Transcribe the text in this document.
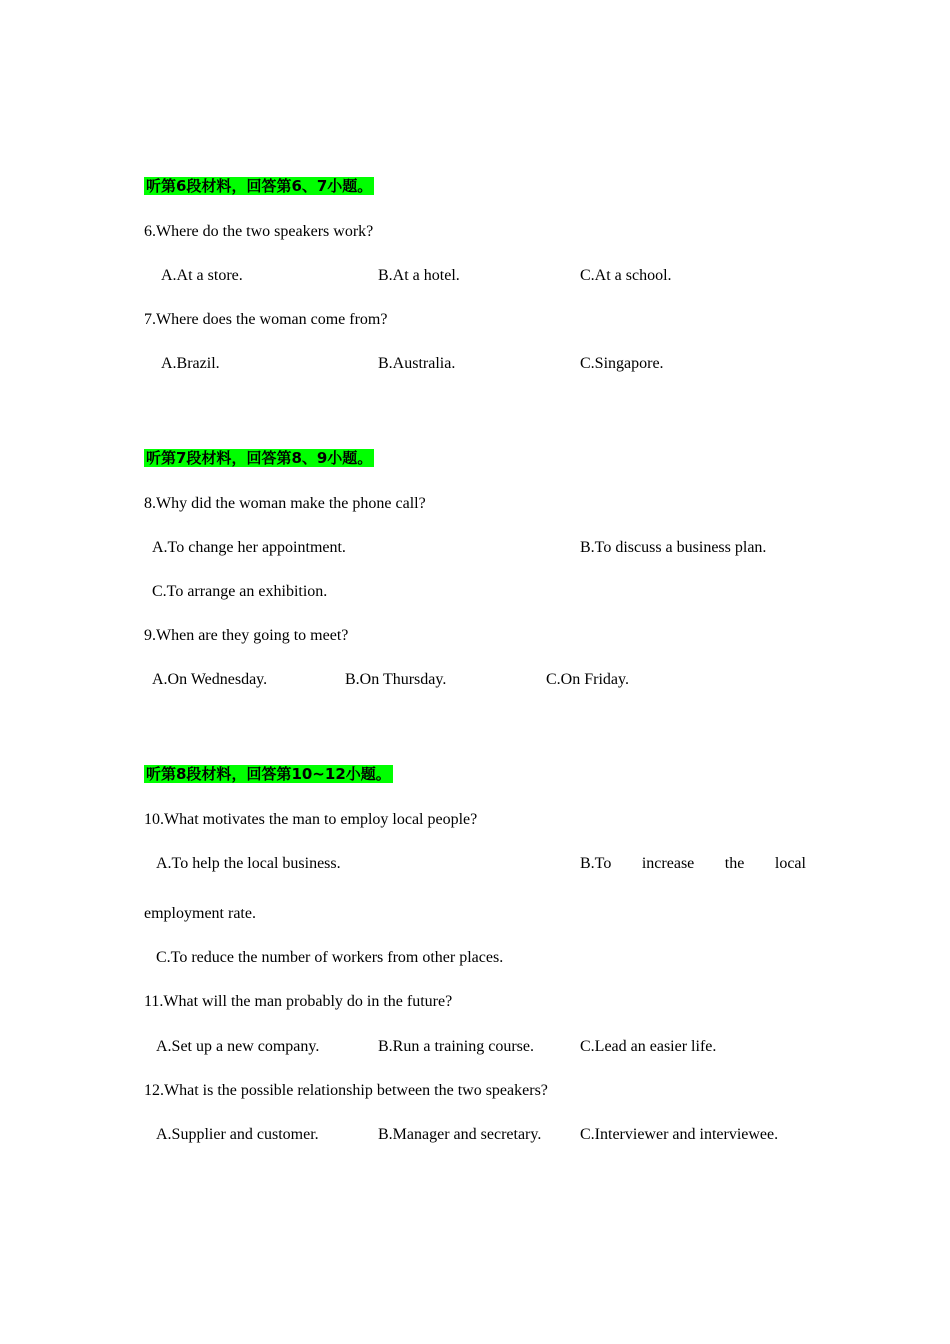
听第6段材料，回答第6、7小题。
6.Where do the two speakers work?
A.At a store.	B.At a hotel.	C.At a school.
7.Where does the woman come from?
A.Brazil.	B.Australia.	C.Singapore.
听第7段材料，回答第8、9小题。
8.Why did the woman make the phone call?
A.To change her appointment.	B.To discuss a business plan.
C.To arrange an exhibition.
9.When are they going to meet?
A.On Wednesday.	B.On Thursday.	C.On Friday.
听第8段材料，回答第10~12小题。
10.What motivates the man to employ local people?
A.To help the local business.	B.To increase the local
employment rate.
C.To reduce the number of workers from other places.
11.What will the man probably do in the future?
A.Set up a new company.	B.Run a training course.	C.Lead an easier life.
12.What is the possible relationship between the two speakers?
A.Supplier and customer.	B.Manager and secretary. C.Interviewer and interviewee.
